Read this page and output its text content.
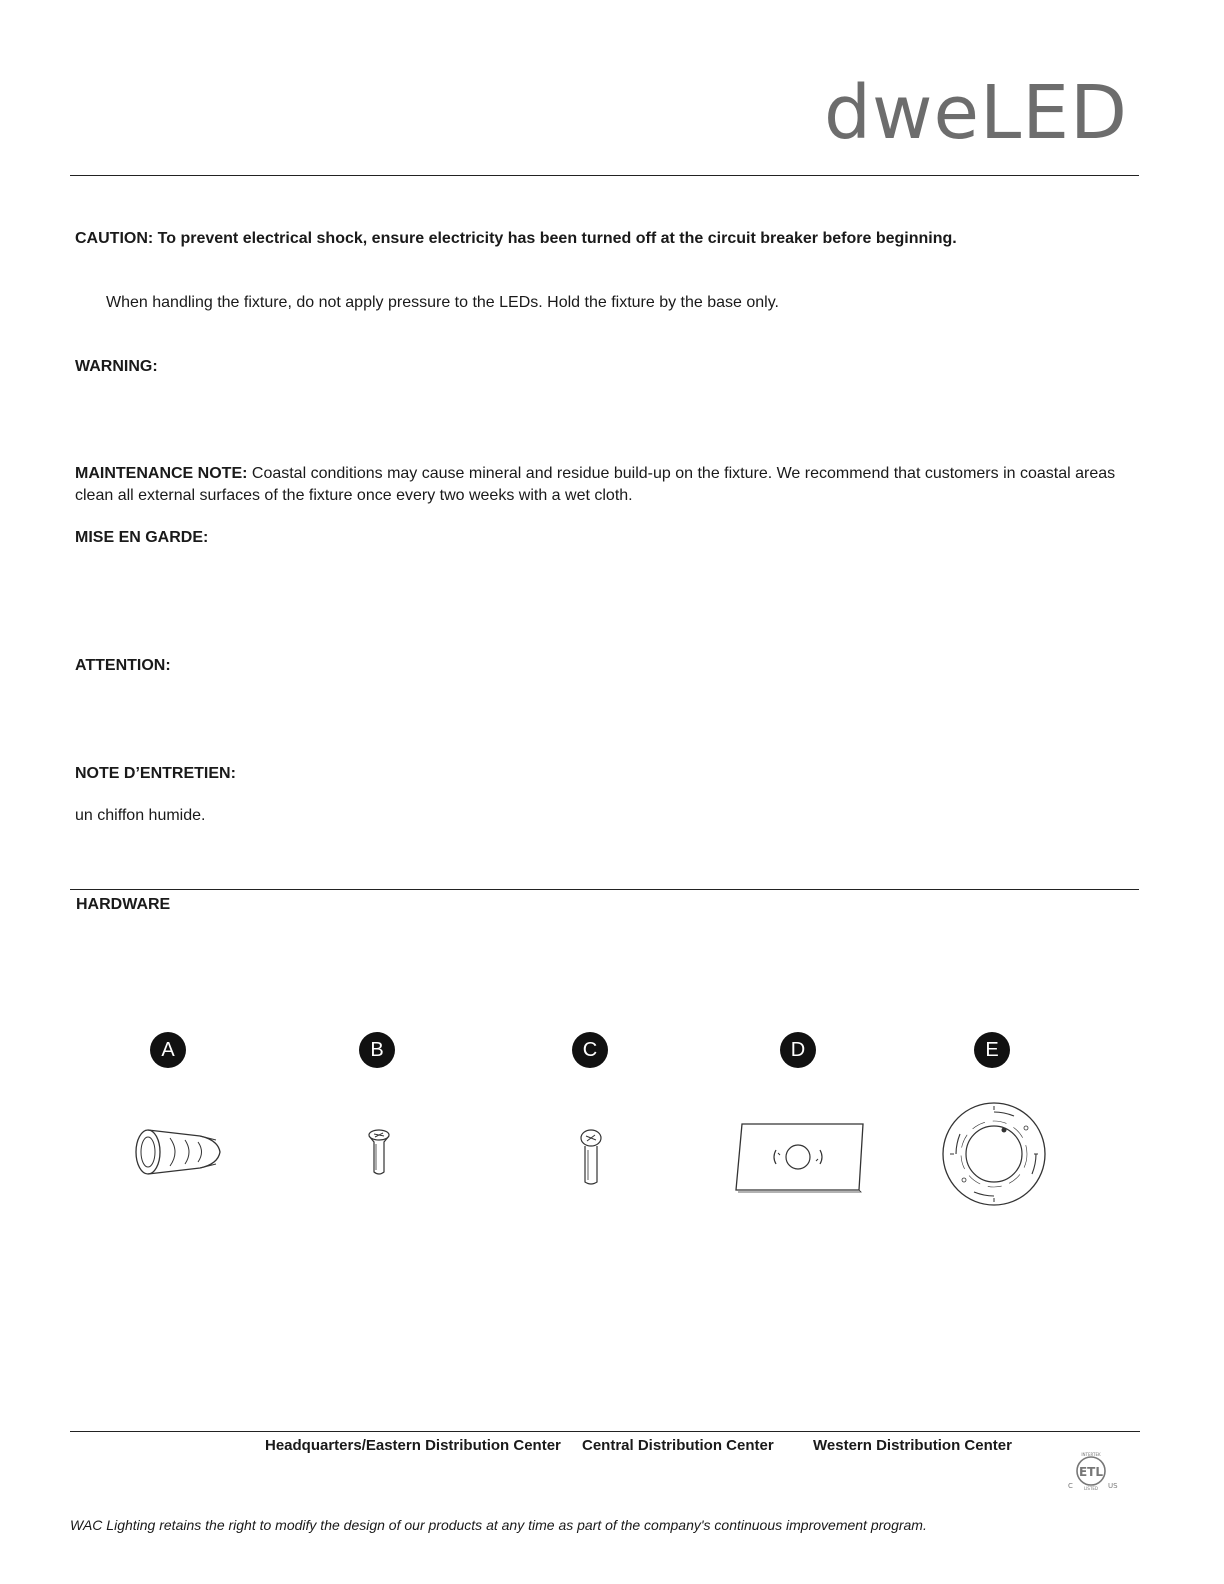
dweLED
CAUTION: To prevent electrical shock, ensure electricity has been turned off at the circuit breaker before beginning.
When handling the fixture, do not apply pressure to the LEDs. Hold the fixture by the base only.
WARNING:
MAINTENANCE NOTE: Coastal conditions may cause mineral and residue build-up on the fixture. We recommend that customers in coastal areas clean all external surfaces of the fixture once every two weeks with a wet cloth.
MISE EN GARDE:
ATTENTION:
NOTE D’ENTRETIEN:
un chiffon humide.
HARDWARE
A	B	C	D	E
Headquarters/Eastern Distribution Center Central Distribution Center	Western Distribution Center
ETL
INTERTEK
LISTED
C	US
WAC Lighting retains the right to modify the design of our products at any time as part of the company's continuous improvement program.
